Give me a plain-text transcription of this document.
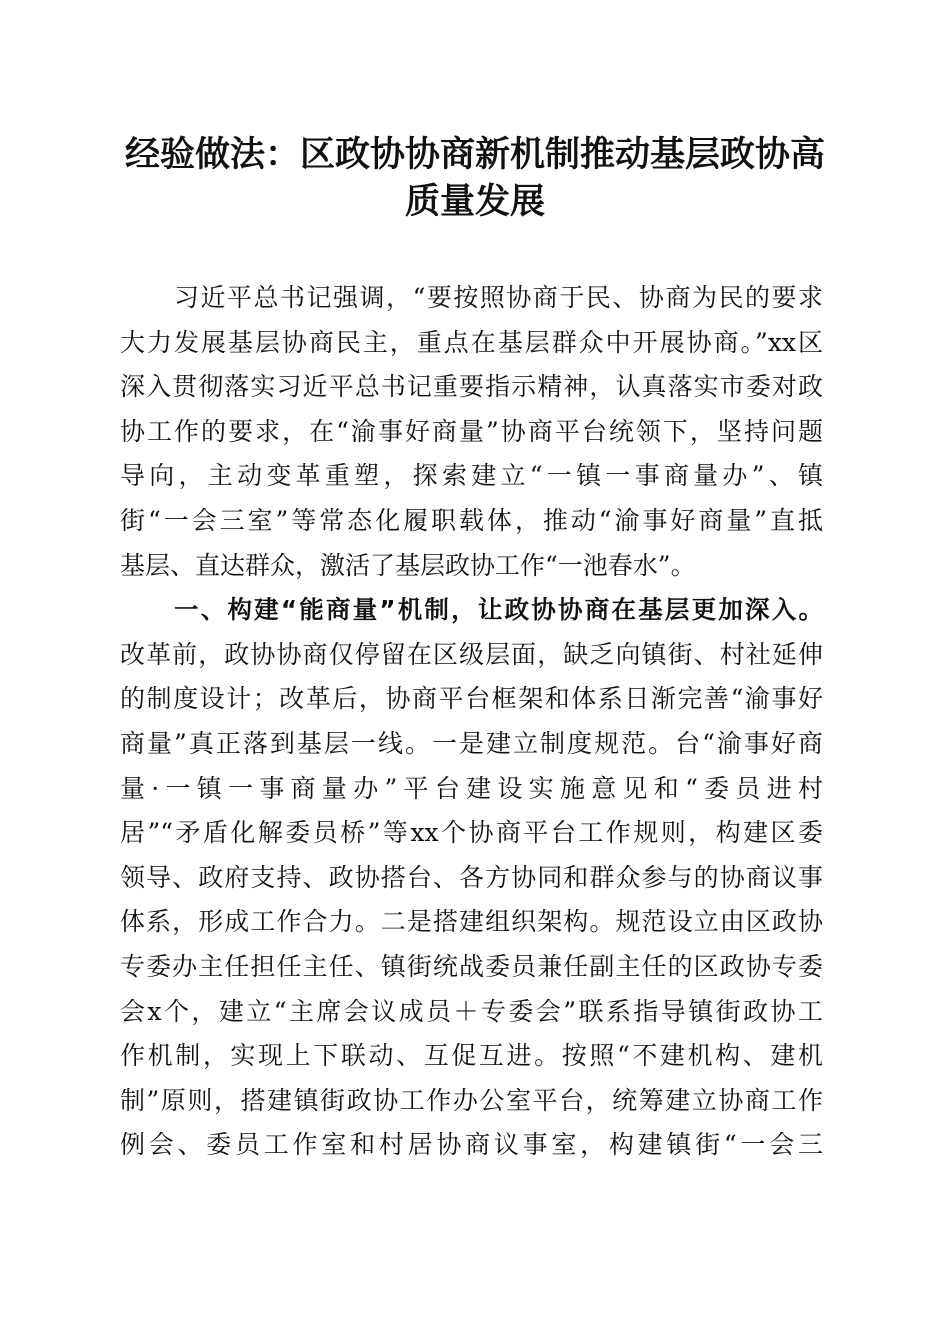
经验做法：区政协协商新机制推动基层政协高
质量发展
习近平总书记强调，“要按照协商于民、协商为民的要求
大力发展基层协商民主，重点在基层群众中开展协商。”xx区
深入贯彻落实习近平总书记重要指示精神，认真落实市委对政
协工作的要求，在“渝事好商量”协商平台统领下，坚持问题
导向，主动变革重塑，探索建立“一镇一事商量办”、镇
街“一会三室”等常态化履职载体，推动“渝事好商量”直抵
基层、直达群众，激活了基层政协工作“一池春水”。
一、构建“能商量”机制，让政协协商在基层更加深入。
改革前，政协协商仅停留在区级层面，缺乏向镇街、村社延伸
的制度设计；改革后，协商平台框架和体系日渐完善“渝事好
商量”真正落到基层一线。一是建立制度规范。台“渝事好商
量·一镇一事商量办”平台建设实施意见和“委员进村
居”“矛盾化解委员桥”等xx个协商平台工作规则，构建区委
领导、政府支持、政协搭台、各方协同和群众参与的协商议事
体系，形成工作合力。二是搭建组织架构。规范设立由区政协
专委办主任担任主任、镇街统战委员兼任副主任的区政协专委
会x个，建立“主席会议成员＋专委会”联系指导镇街政协工
作机制，实现上下联动、互促互进。按照“不建机构、建机
制”原则，搭建镇街政协工作办公室平台，统筹建立协商工作
例会、委员工作室和村居协商议事室，构建镇街“一会三
